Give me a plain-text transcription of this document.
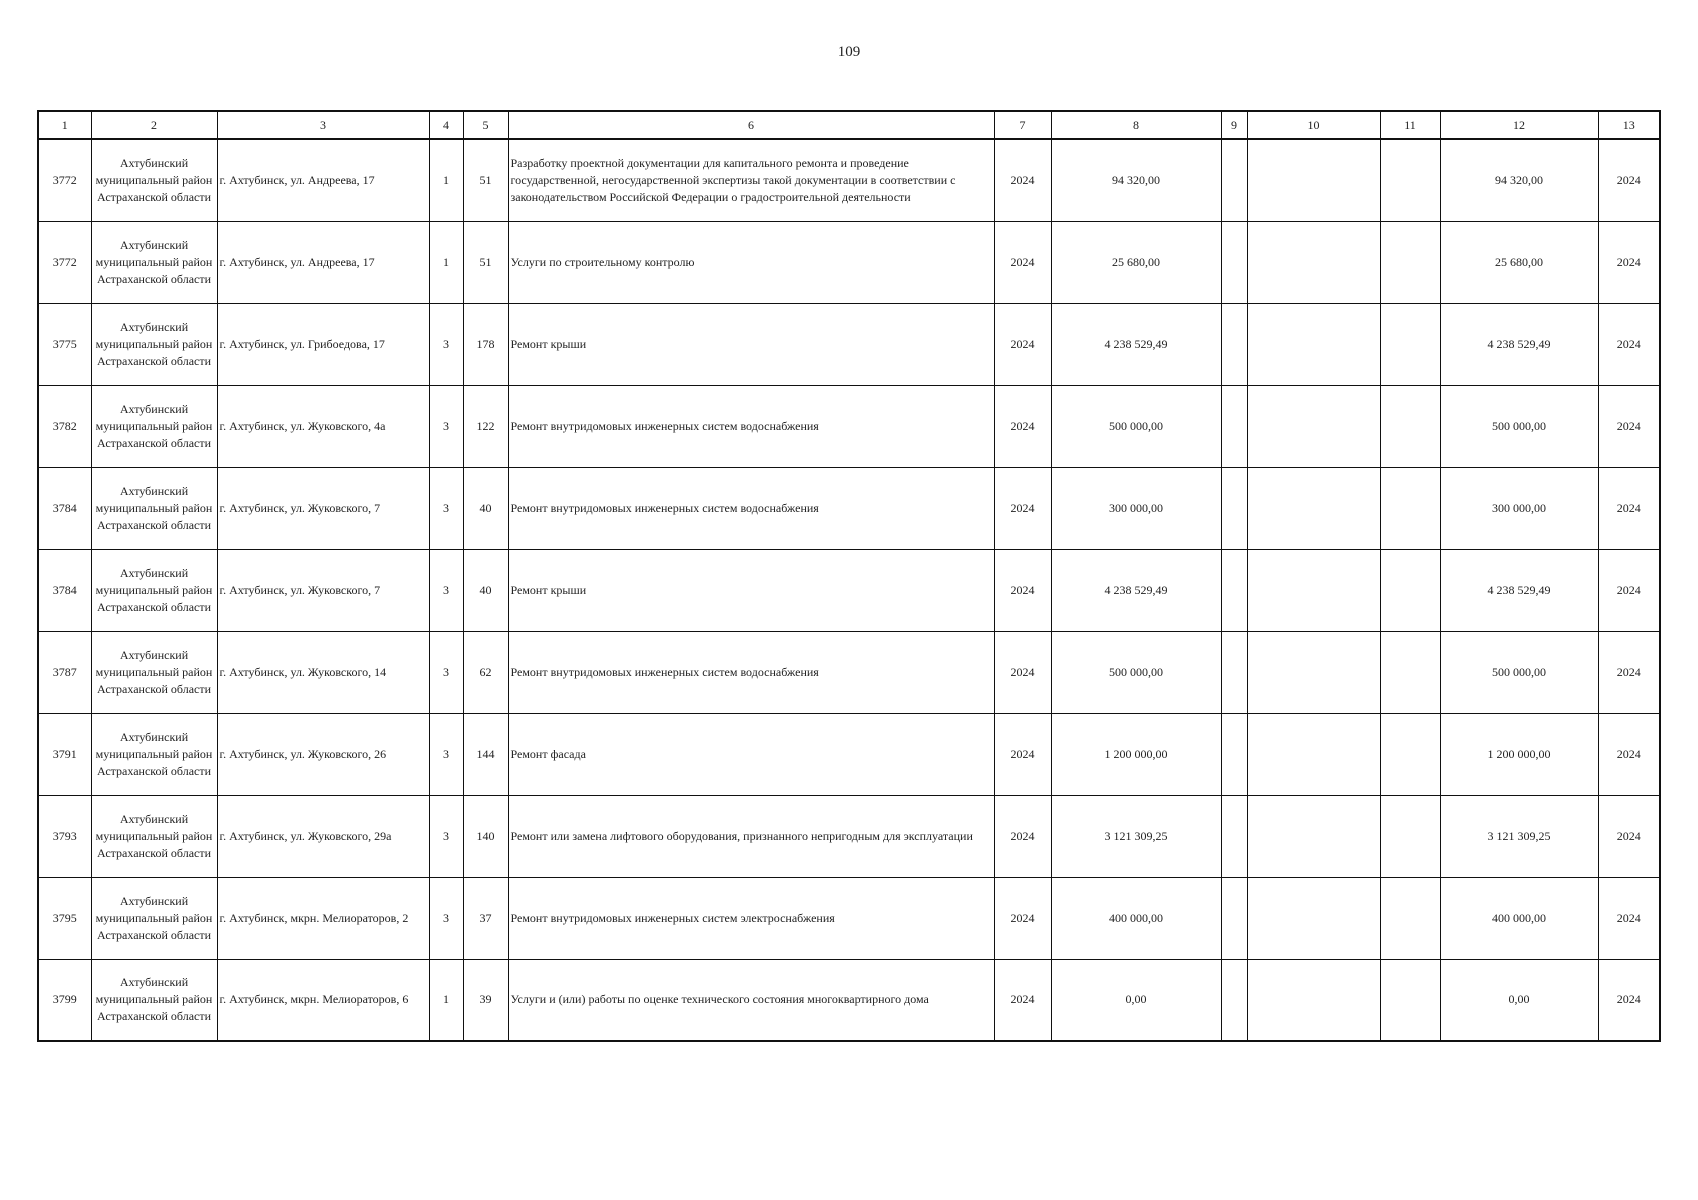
109
1	2	3	4	5	6	7	8	9	10	11	12	13
3772	Ахтубинский муниципальный район Астраханской области	г. Ахтубинск, ул. Андреева, 17	1	51	Разработку проектной документации для капитального ремонта и проведение государственной, негосударственной экспертизы такой документации в соответствии с законодательством Российской Федерации о градостроительной деятельности	2024	94 320,00				94 320,00	2024
3772	Ахтубинский муниципальный район Астраханской области	г. Ахтубинск, ул. Андреева, 17	1	51	Услуги по строительному контролю	2024	25 680,00				25 680,00	2024
3775	Ахтубинский муниципальный район Астраханской области	г. Ахтубинск, ул. Грибоедова, 17	3	178	Ремонт крыши	2024	4 238 529,49				4 238 529,49	2024
3782	Ахтубинский муниципальный район Астраханской области	г. Ахтубинск, ул. Жуковского, 4а	3	122	Ремонт внутридомовых инженерных систем водоснабжения	2024	500 000,00				500 000,00	2024
3784	Ахтубинский муниципальный район Астраханской области	г. Ахтубинск, ул. Жуковского, 7	3	40	Ремонт внутридомовых инженерных систем водоснабжения	2024	300 000,00				300 000,00	2024
3784	Ахтубинский муниципальный район Астраханской области	г. Ахтубинск, ул. Жуковского, 7	3	40	Ремонт крыши	2024	4 238 529,49				4 238 529,49	2024
3787	Ахтубинский муниципальный район Астраханской области	г. Ахтубинск, ул. Жуковского, 14	3	62	Ремонт внутридомовых инженерных систем водоснабжения	2024	500 000,00				500 000,00	2024
3791	Ахтубинский муниципальный район Астраханской области	г. Ахтубинск, ул. Жуковского, 26	3	144	Ремонт фасада	2024	1 200 000,00				1 200 000,00	2024
3793	Ахтубинский муниципальный район Астраханской области	г. Ахтубинск, ул. Жуковского, 29а	3	140	Ремонт или замена лифтового оборудования, признанного непригодным для эксплуатации	2024	3 121 309,25				3 121 309,25	2024
3795	Ахтубинский муниципальный район Астраханской области	г. Ахтубинск, мкрн. Мелиораторов, 2	3	37	Ремонт внутридомовых инженерных систем электроснабжения	2024	400 000,00				400 000,00	2024
3799	Ахтубинский муниципальный район Астраханской области	г. Ахтубинск, мкрн. Мелиораторов, 6	1	39	Услуги и (или) работы по оценке технического состояния многоквартирного дома	2024	0,00				0,00	2024
